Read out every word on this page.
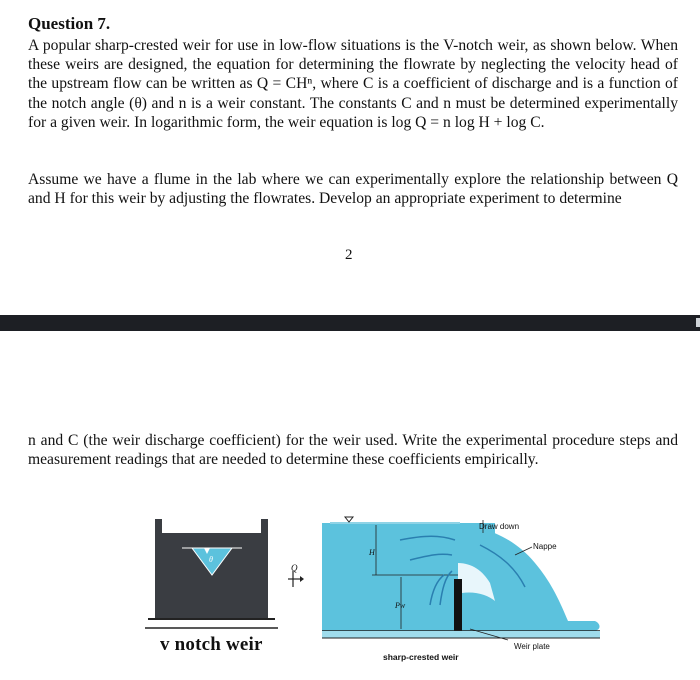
Question 7.
A popular sharp-crested weir for use in low-flow situations is the V-notch weir, as shown below. When these weirs are designed, the equation for determining the flowrate by neglecting the velocity head of the upstream flow can be written as Q = CHⁿ, where C is a coefficient of discharge and is a function of the notch angle (θ) and n is a weir constant. The constants C and n must be determined experimentally for a given weir. In logarithmic form, the weir equation is log Q = n log H + log C.
Assume we have a flume in the lab where we can experimentally explore the relationship between Q and H for this weir by adjusting the flowrates. Develop an appropriate experiment to determine
2
n and C (the weir discharge coefficient) for the weir used. Write the experimental procedure steps and measurement readings that are needed to determine these coefficients empirically.
θ
v notch weir
Q
H
Pw
Draw down
Nappe
Weir plate
sharp-crested weir
